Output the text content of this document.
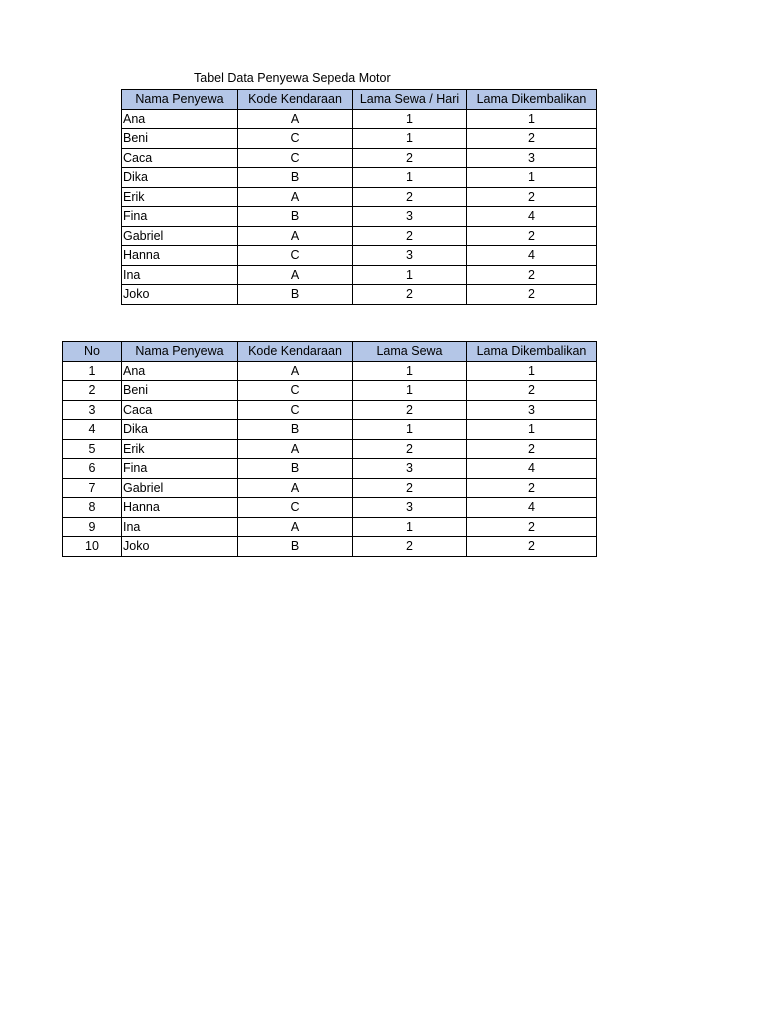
Tabel Data Penyewa Sepeda Motor
Nama Penyewa	Kode Kendaraan	Lama Sewa / Hari	Lama Dikembalikan
Ana	A	1	1
Beni	C	1	2
Caca	C	2	3
Dika	B	1	1
Erik	A	2	2
Fina	B	3	4
Gabriel	A	2	2
Hanna	C	3	4
Ina	A	1	2
Joko	B	2	2
No	Nama Penyewa	Kode Kendaraan	Lama Sewa	Lama Dikembalikan
1	Ana	A	1	1
2	Beni	C	1	2
3	Caca	C	2	3
4	Dika	B	1	1
5	Erik	A	2	2
6	Fina	B	3	4
7	Gabriel	A	2	2
8	Hanna	C	3	4
9	Ina	A	1	2
10	Joko	B	2	2
